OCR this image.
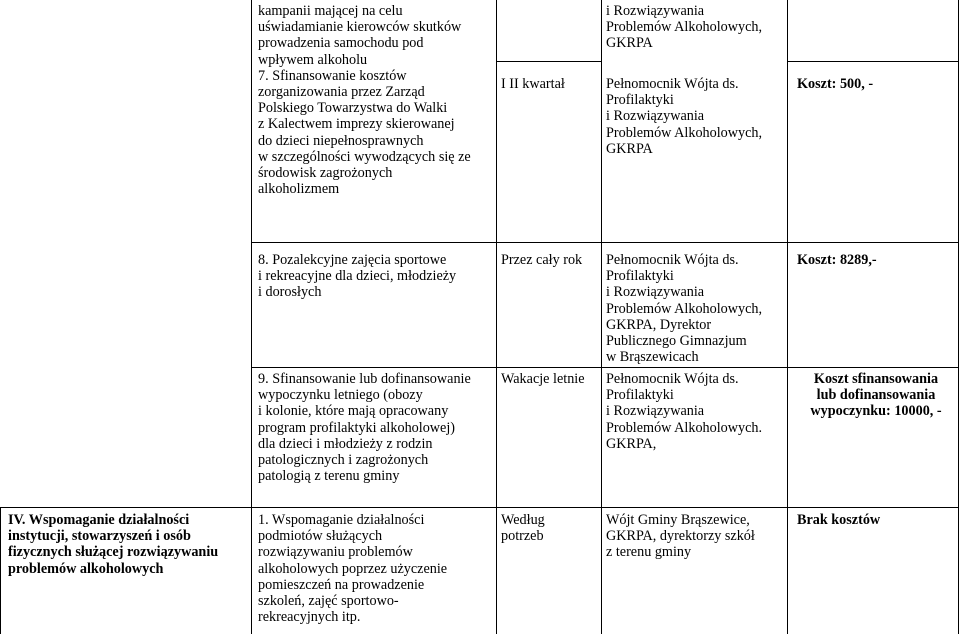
kampanii mającej na celu
uświadamianie kierowców skutków
prowadzenia samochodu pod
wpływem alkoholu
7. Sfinansowanie kosztów
zorganizowania przez Zarząd
Polskiego Towarzystwa do Walki
z Kalectwem imprezy skierowanej
do dzieci niepełnosprawnych
w szczególności wywodzących się ze
środowisk zagrożonych
alkoholizmem

I II kwartał

i Rozwiązywania
Problemów Alkoholowych,
GKRPA

Pełnomocnik Wójta ds.
Profilaktyki
i Rozwiązywania
Problemów Alkoholowych,
GKRPA

Koszt: 500, -

8. Pozalekcyjne zajęcia sportowe
i rekreacyjne dla dzieci, młodzieży
i dorosłych

Przez cały rok	Pełnomocnik Wójta ds.
Profilaktyki
i Rozwiązywania
Problemów Alkoholowych,
GKRPA, Dyrektor
Publicznego Gimnazjum
w Brąszewicach

Koszt: 8289,-

9. Sfinansowanie lub dofinansowanie
wypoczynku letniego (obozy
i kolonie, które mają opracowany
program profilaktyki alkoholowej)
dla dzieci i młodzieży z rodzin
patologicznych i zagrożonych
patologią z terenu gminy

Wakacje letnie	Pełnomocnik Wójta ds.
Profilaktyki
i Rozwiązywania
Problemów Alkoholowych.
GKRPA,

Koszt sfinansowania
lub dofinansowania
wypoczynku: 10000, -

IV. Wspomaganie działalności
instytucji, stowarzyszeń i osób
fizycznych służącej rozwiązywaniu
problemów alkoholowych

1. Wspomaganie działalności
podmiotów służących
rozwiązywaniu problemów
alkoholowych poprzez użyczenie
pomieszczeń na prowadzenie
szkoleń, zajęć sportowo-
rekreacyjnych itp.

Według
potrzeb

Wójt Gminy Brąszewice,
GKRPA, dyrektorzy szkół
z terenu gminy

Brak kosztów
